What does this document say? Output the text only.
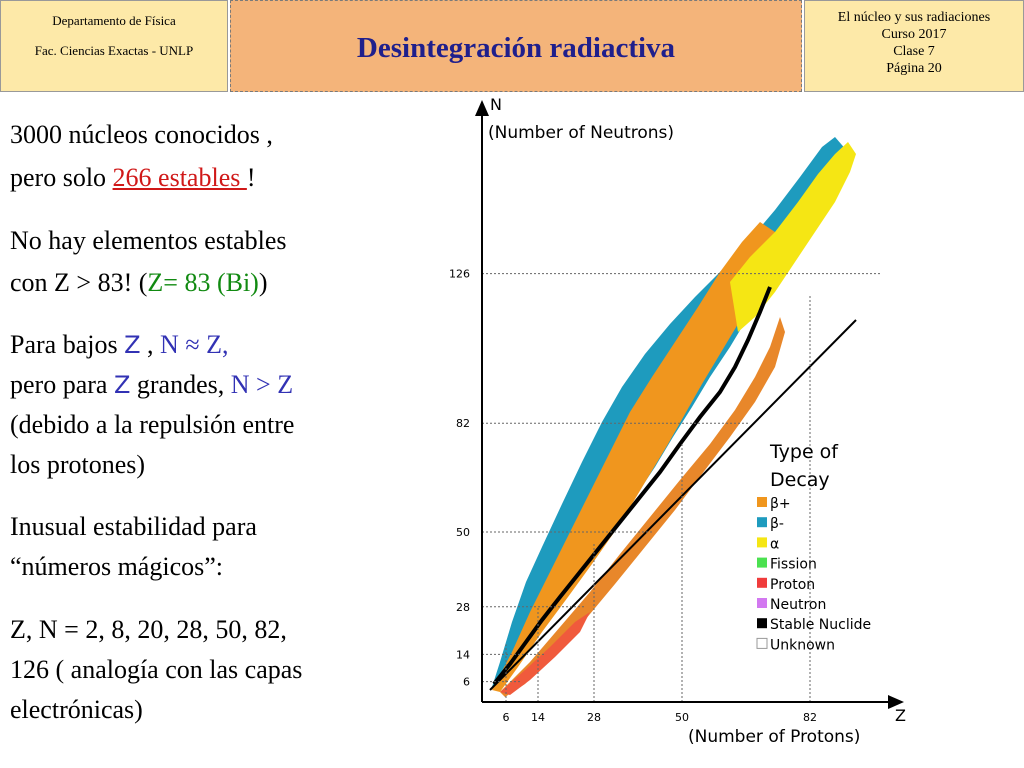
Departamento de Física
Fac. Ciencias Exactas - UNLP	Desintegración radiactiva
El núcleo y sus radiaciones
Curso 2017
Clase 7
Página 20
3000 núcleos conocidos ,
pero solo 266 estables !
No hay elementos estables
con Z > 83! (Z= 83 (Bi))
Para bajos Z , N ≈ Z,
pero para Z grandes, N > Z
(debido a la repulsión entre
los protones)
Inusual estabilidad para
“números mágicos”:
Z, N = 2, 8, 20, 28, 50, 82,
126 ( analogía con las capas
electrónicas)	6 14	28	50	82
6
14
28
50
82
126
N
(Number of Neutrons)
Z
(Number of Protons)
Type of
Decay
β+
β-
α
Fission
Proton
Neutron
Stable Nuclide
Unknown
